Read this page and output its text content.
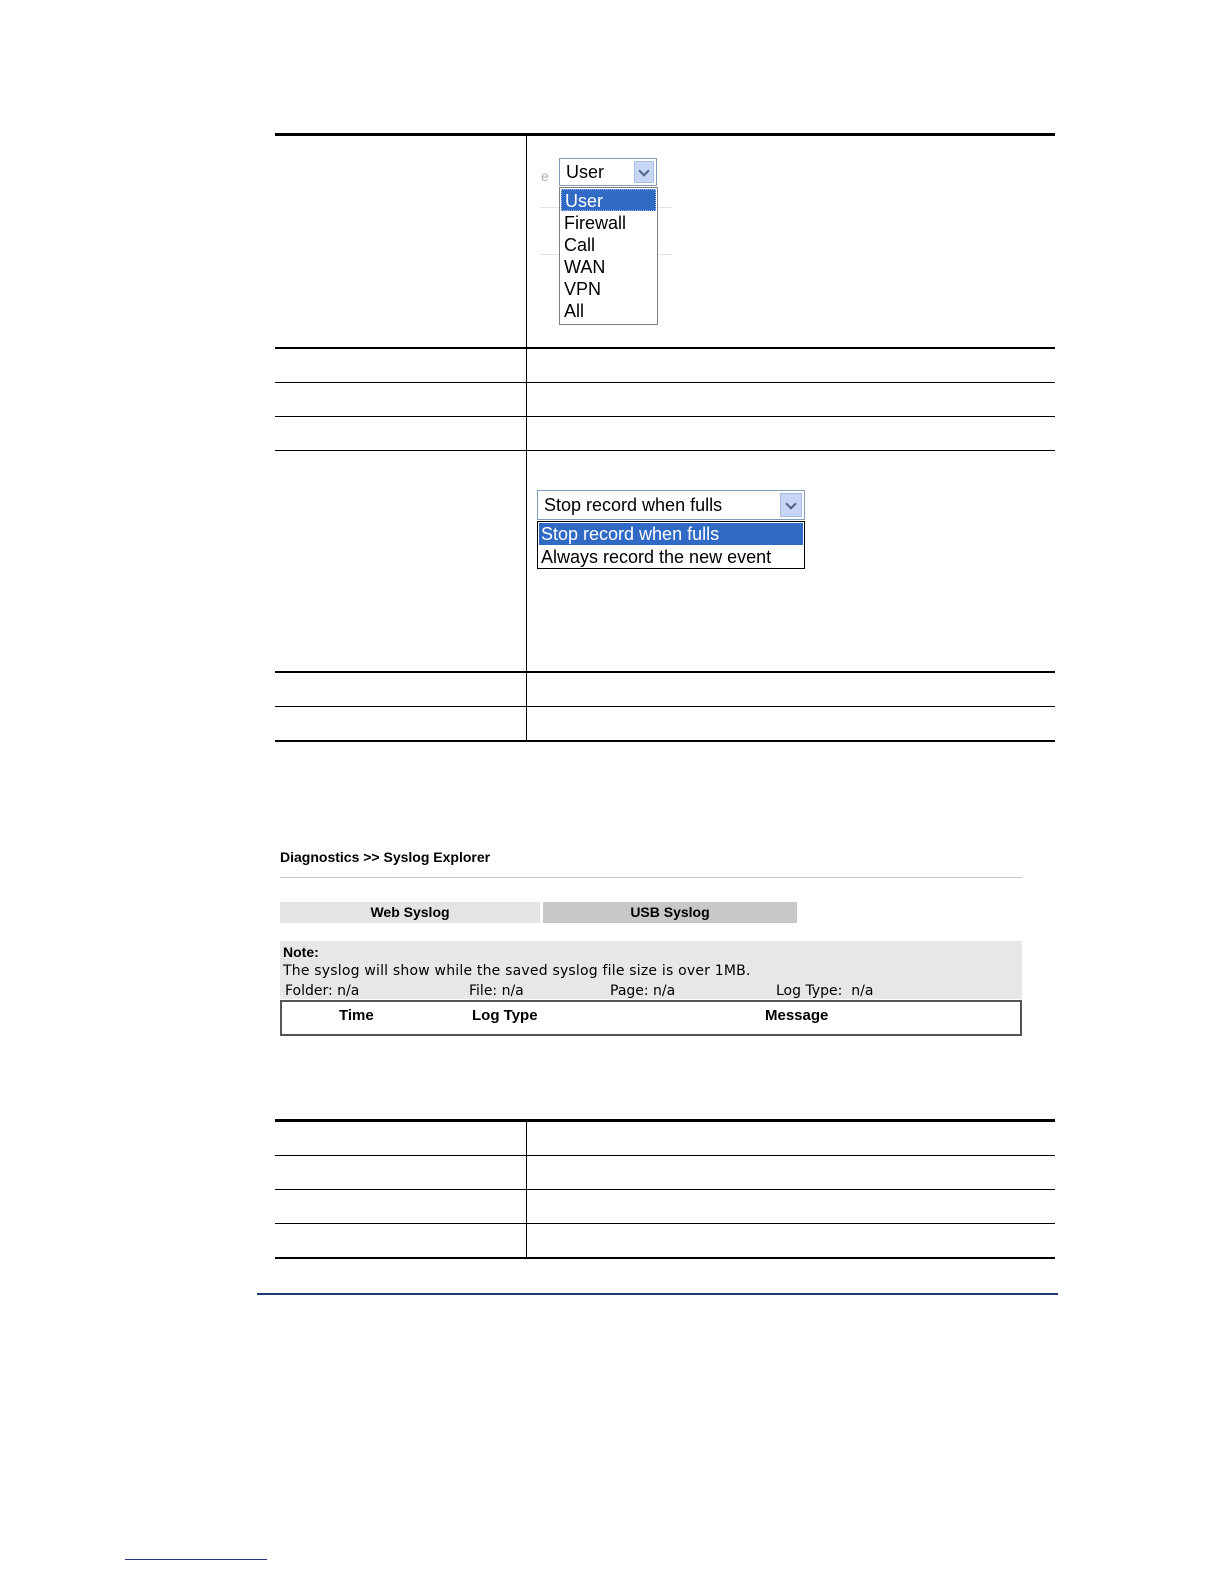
e User
User
Firewall
Call
WAN
VPN
All
Stop record when fulls
Stop record when fulls
Always record the new event
Diagnostics >> Syslog Explorer
Web Syslog	USB Syslog
Note:
The syslog will show while the saved syslog file size is over 1MB.
Folder: n/a	File: n/a	Page: n/a	Log Type:  n/a
Time	Log Type	Message
